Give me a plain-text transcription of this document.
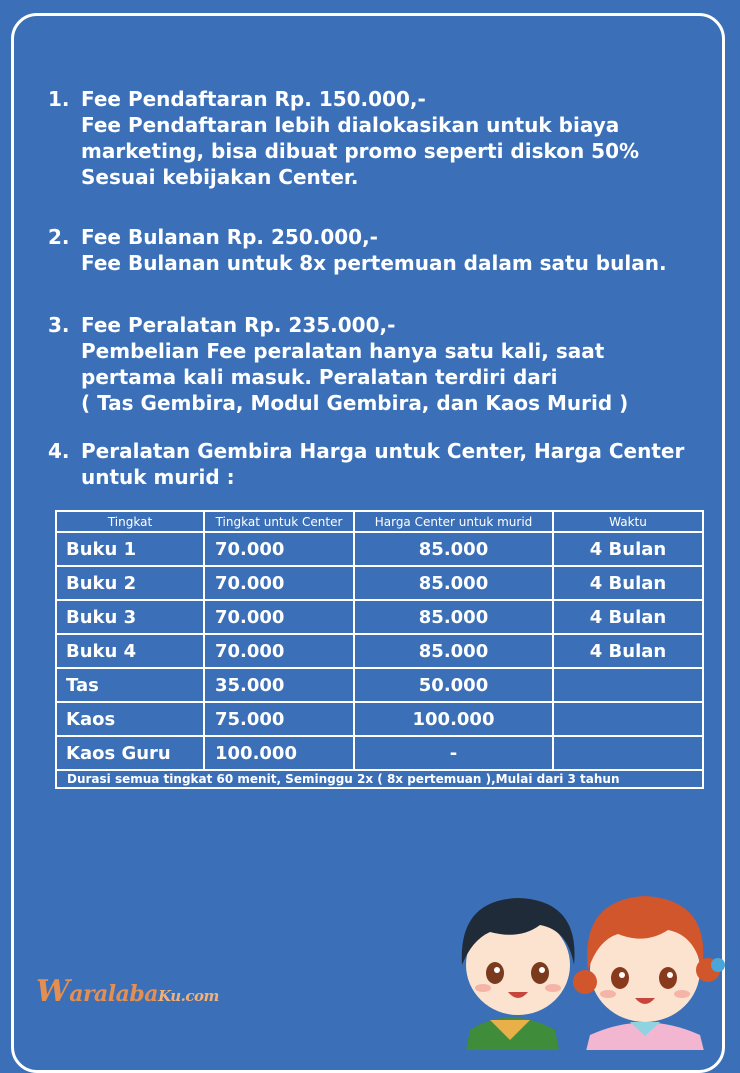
1. Fee Pendaftaran Rp. 150.000,-
Fee Pendaftaran lebih dialokasikan untuk biaya
marketing, bisa dibuat promo seperti diskon 50%
Sesuai kebijakan Center.
2. Fee Bulanan Rp. 250.000,-
Fee Bulanan untuk 8x pertemuan dalam satu bulan.
3. Fee Peralatan Rp. 235.000,-
Pembelian Fee peralatan hanya satu kali, saat
pertama kali masuk. Peralatan terdiri dari
( Tas Gembira, Modul Gembira, dan Kaos Murid )
4. Peralatan Gembira Harga untuk Center, Harga Center
untuk murid :
Tingkat	Tingkat untuk Center	Harga Center untuk murid	Waktu
Buku 1	70.000	85.000	4 Bulan
Buku 2	70.000	85.000	4 Bulan
Buku 3	70.000	85.000	4 Bulan
Buku 4	70.000	85.000	4 Bulan
Tas	35.000	50.000	
Kaos	75.000	100.000	
Kaos Guru	100.000	-	
Durasi semua tingkat 60 menit, Seminggu 2x ( 8x pertemuan ),Mulai dari 3 tahun			
WaralabaKu.com
